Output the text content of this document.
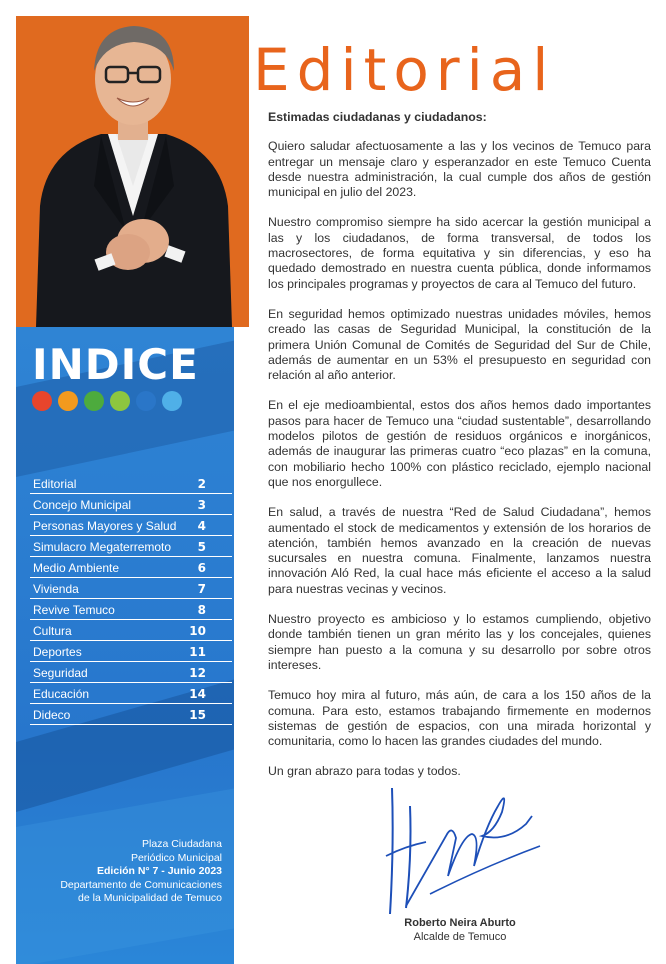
INDICE
Editorial	2
Concejo Municipal	3
Personas Mayores y Salud 4
Simulacro Megaterremoto 5
Medio Ambiente	6
Vivienda	7
Revive Temuco	8
Cultura	10
Deportes	11
Seguridad	12
Educación	14
Dideco	15
Plaza Ciudadana
Periódico Municipal
Edición N° 7 - Junio 2023
Departamento de Comunicaciones
de la Municipalidad de Temuco
Editorial

Estimadas ciudadanas y ciudadanos:

Quiero saludar afectuosamente a las y los vecinos de Temuco para entregar un mensaje claro y esperanzador en este Temuco Cuenta desde nuestra administración, la cual cumple dos años de gestión municipal en julio del 2023.

Nuestro compromiso siempre ha sido acercar la gestión municipal a las y los ciudadanos, de forma transversal, de todos los macrosectores, de forma equitativa y sin diferencias, y eso ha quedado demostrado en nuestra cuenta pública, donde informamos los principales programas y proyectos de cara al Temuco del futuro.

En seguridad hemos optimizado nuestras unidades móviles, hemos creado las casas de Seguridad Municipal, la constitución de la primera Unión Comunal de Comités de Seguridad del Sur de Chile, además de aumentar en un 53% el presupuesto en seguridad con relación al año anterior.

En el eje medioambiental, estos dos años hemos dado importantes pasos para hacer de Temuco una “ciudad sustentable”, desarrollando modelos pilotos de gestión de residuos orgánicos e inorgánicos, además de inaugurar las primeras cuatro “eco plazas” en la comuna, con mobiliario hecho 100% con plástico reciclado, ejemplo nacional que nos enorgullece.

En salud, a través de nuestra “Red de Salud Ciudadana”, hemos aumentado el stock de medicamentos y extensión de los horarios de atención, también hemos avanzado en la creación de nuevas sucursales en nuestra comuna. Finalmente, lanzamos nuestra innovación Aló Red, la cual hace más eficiente el acceso a la salud para nuestras vecinas y vecinos.

Nuestro proyecto es ambicioso y lo estamos cumpliendo, objetivo donde también tienen un gran mérito las y los concejales, quienes siempre han puesto a la comuna y su desarrollo por sobre otros intereses.

Temuco hoy mira al futuro, más aún, de cara a los 150 años de la comuna. Para esto, estamos trabajando firmemente en modernos sistemas de gestión de espacios, con una mirada horizontal y comunitaria, como lo hacen las grandes ciudades del mundo.

Un gran abrazo para todas y todos.

Roberto Neira Aburto
Alcalde de Temuco
